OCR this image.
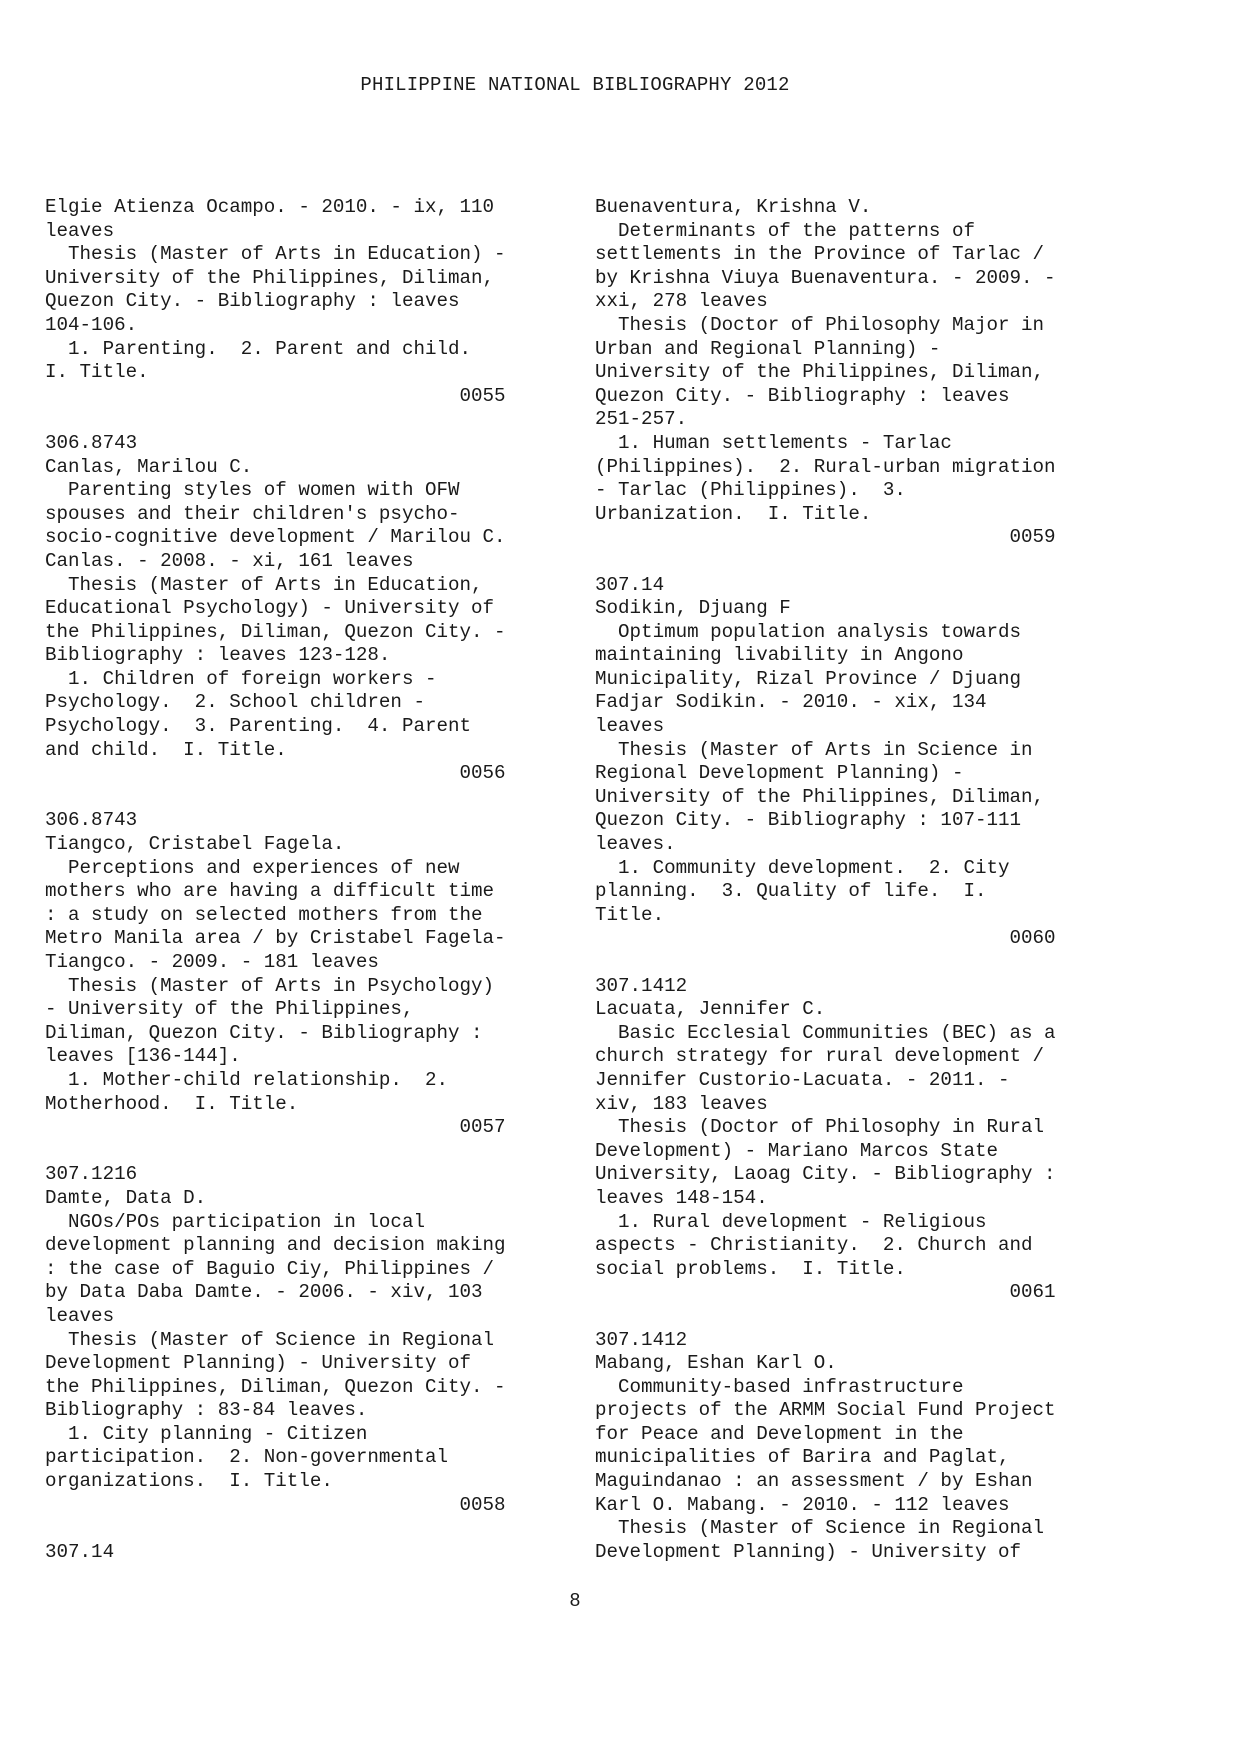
PHILIPPINE NATIONAL BIBLIOGRAPHY 2012
Elgie Atienza Ocampo. - 2010. - ix, 110
leaves
Thesis (Master of Arts in Education) -
University of the Philippines, Diliman,
Quezon City. - Bibliography : leaves
104-106.
1. Parenting.  2. Parent and child.
I. Title.
0055
306.8743
Canlas, Marilou C.
Parenting styles of women with OFW
spouses and their children's psycho-
socio-cognitive development / Marilou C.
Canlas. - 2008. - xi, 161 leaves
Thesis (Master of Arts in Education,
Educational Psychology) - University of
the Philippines, Diliman, Quezon City. -
Bibliography : leaves 123-128.
1. Children of foreign workers -
Psychology.  2. School children -
Psychology.  3. Parenting.  4. Parent
and child.  I. Title.
0056
306.8743
Tiangco, Cristabel Fagela.
Perceptions and experiences of new
mothers who are having a difficult time
: a study on selected mothers from the
Metro Manila area / by Cristabel Fagela-
Tiangco. - 2009. - 181 leaves
Thesis (Master of Arts in Psychology)
- University of the Philippines,
Diliman, Quezon City. - Bibliography :
leaves [136-144].
1. Mother-child relationship.  2.
Motherhood.  I. Title.
0057
307.1216
Damte, Data D.
NGOs/POs participation in local
development planning and decision making
: the case of Baguio Ciy, Philippines /
by Data Daba Damte. - 2006. - xiv, 103
leaves
Thesis (Master of Science in Regional
Development Planning) - University of
the Philippines, Diliman, Quezon City. -
Bibliography : 83-84 leaves.
1. City planning - Citizen
participation.  2. Non-governmental
organizations.  I. Title.
0058
307.14
Buenaventura, Krishna V.
Determinants of the patterns of
settlements in the Province of Tarlac /
by Krishna Viuya Buenaventura. - 2009. -
xxi, 278 leaves
Thesis (Doctor of Philosophy Major in
Urban and Regional Planning) -
University of the Philippines, Diliman,
Quezon City. - Bibliography : leaves
251-257.
1. Human settlements - Tarlac
(Philippines).  2. Rural-urban migration
- Tarlac (Philippines).  3.
Urbanization.  I. Title.
0059
307.14
Sodikin, Djuang F
Optimum population analysis towards
maintaining livability in Angono
Municipality, Rizal Province / Djuang
Fadjar Sodikin. - 2010. - xix, 134
leaves
Thesis (Master of Arts in Science in
Regional Development Planning) -
University of the Philippines, Diliman,
Quezon City. - Bibliography : 107-111
leaves.
1. Community development.  2. City
planning.  3. Quality of life.  I.
Title.
0060
307.1412
Lacuata, Jennifer C.
Basic Ecclesial Communities (BEC) as a
church strategy for rural development /
Jennifer Custorio-Lacuata. - 2011. -
xiv, 183 leaves
Thesis (Doctor of Philosophy in Rural
Development) - Mariano Marcos State
University, Laoag City. - Bibliography :
leaves 148-154.
1. Rural development - Religious
aspects - Christianity.  2. Church and
social problems.  I. Title.
0061
307.1412
Mabang, Eshan Karl O.
Community-based infrastructure
projects of the ARMM Social Fund Project
for Peace and Development in the
municipalities of Barira and Paglat,
Maguindanao : an assessment / by Eshan
Karl O. Mabang. - 2010. - 112 leaves
Thesis (Master of Science in Regional
Development Planning) - University of
8
